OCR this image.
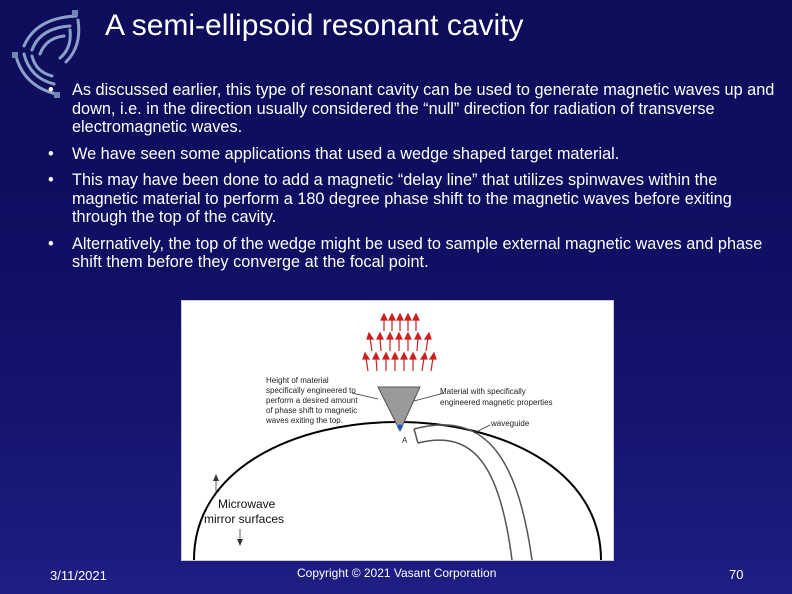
A semi-ellipsoid resonant cavity
• As discussed earlier, this type of resonant cavity can be used to generate magnetic waves up and down, i.e. in the direction usually considered the “null” direction for radiation of transverse electromagnetic waves.
• We have seen some applications that used a wedge shaped target material.
• This may have been done to add a magnetic “delay line” that utilizes spinwaves within the magnetic material to perform a 180 degree phase shift to the magnetic waves before exiting through the top of the cavity.
• Alternatively, the top of the wedge might be used to sample external magnetic waves and phase shift them before they converge at the focal point.
A
Height of material
specifically engineered to
perform a desired amount
of phase shift to magnetic
waves exiting the top.
Material with specifically
engineered magnetic properties
waveguide
Microwave
mirror surfaces
3/11/2021	Copyright © 2021 Vasant Corporation	70
